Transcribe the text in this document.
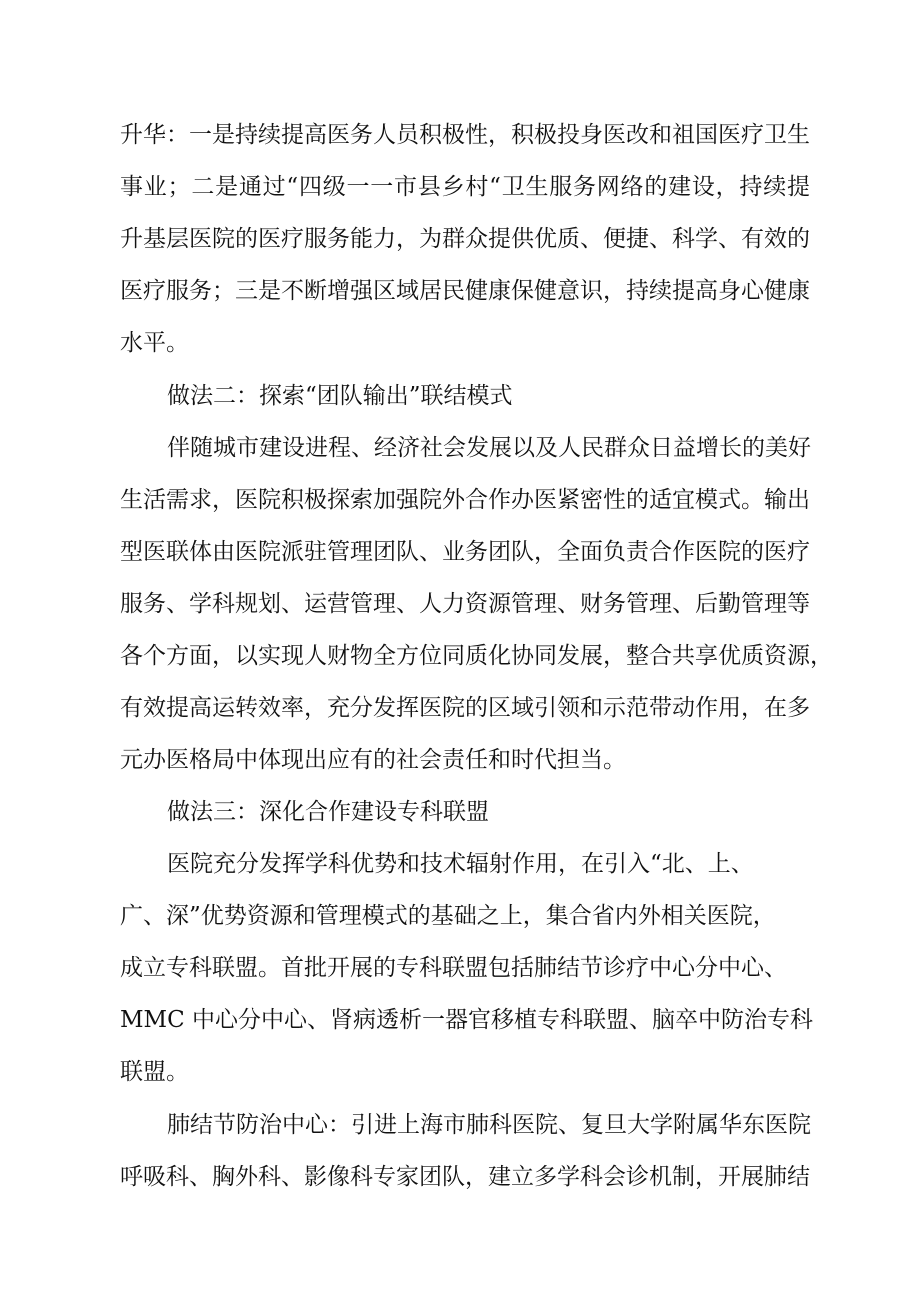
升华：一是持续提高医务人员积极性，积极投身医改和祖国医疗卫生
事业；二是通过“四级一一市县乡村“卫生服务网络的建设，持续提
升基层医院的医疗服务能力，为群众提供优质、便捷、科学、有效的
医疗服务；三是不断增强区域居民健康保健意识，持续提高身心健康
水平。
做法二：探索“团队输出”联结模式
伴随城市建设进程、经济社会发展以及人民群众日益增长的美好
生活需求，医院积极探索加强院外合作办医紧密性的适宜模式。输出
型医联体由医院派驻管理团队、业务团队，全面负责合作医院的医疗
服务、学科规划、运营管理、人力资源管理、财务管理、后勤管理等
各个方面，以实现人财物全方位同质化协同发展，整合共享优质资源，
有效提高运转效率，充分发挥医院的区域引领和示范带动作用，在多
元办医格局中体现出应有的社会责任和时代担当。
做法三：深化合作建设专科联盟
医院充分发挥学科优势和技术辐射作用，在引入“北、上、
广、深”优势资源和管理模式的基础之上，集合省内外相关医院，
成立专科联盟。首批开展的专科联盟包括肺结节诊疗中心分中心、
MMC 中心分中心、肾病透析一器官移植专科联盟、脑卒中防治专科
联盟。
肺结节防治中心：引进上海市肺科医院、复旦大学附属华东医院
呼吸科、胸外科、影像科专家团队，建立多学科会诊机制，开展肺结
